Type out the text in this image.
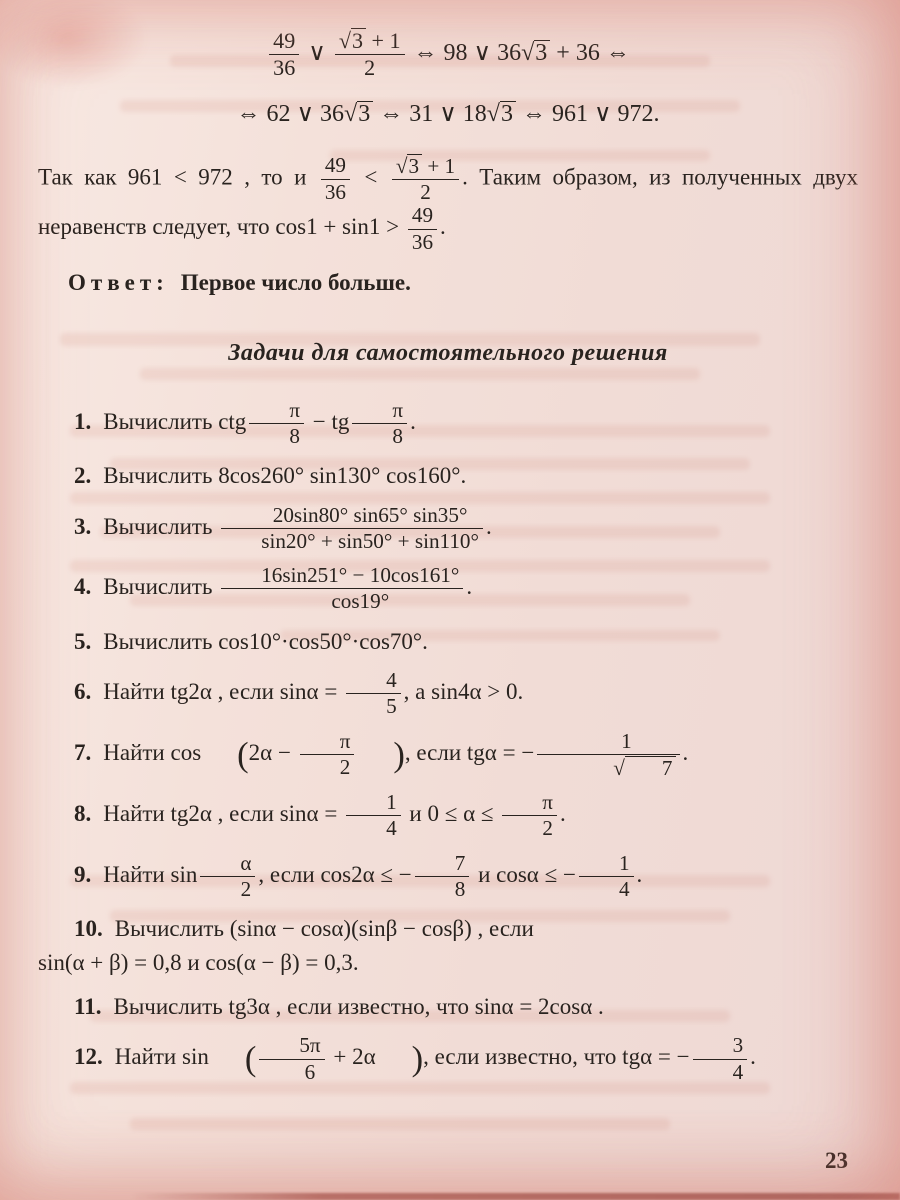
$\frac{49}{36}$ ∨ $\frac{√ 3 + 1}{2}$ ⇔ 98 ∨ 36 √ 3 + 36 ⇔
⇔ 62 ∨ 36 √ 3 ⇔ 31 ∨ 18 √ 3 ⇔ 961 ∨ 972.
Так как 961 < 972 , то и $\frac{49}{36} < \frac{√ 3 + 1}{2}$ . Таким образом, из полученных двух неравенств следует, что $\cos 1 + \sin 1 > \frac{49}{36}$ .
Ответ: Первое число больше.
Задачи для самостоятельного решения
1. Вычислить ctg $\frac{\pi}{8}$ − tg $\frac{\pi}{8}$ .
2. Вычислить 8cos260° sin130° cos160°.
3. Вычислить $\frac{20\sin 80^\circ \sin 65^\circ \sin 35^\circ}{\sin 20^\circ + \sin 50^\circ + \sin 110^\circ}$ .
4. Вычислить $\frac{16\sin 251^\circ - 10\cos 161^\circ}{\cos 19^\circ}$ .
5. Вычислить cos10°·cos50°·cos70°.
6. Найти tg2α , если $\sin\alpha = \frac{4}{5}$ , а sin4α > 0.
7. Найти $\cos (2\alpha - \frac{\pi}{2}$ ), если tgα = − 1
√	7 .
8. Найти tg2α , если $\sin\alpha = \frac{1}{4}$ и $0 \le \alpha \le \frac{\pi}{2}$ .
9. Найти $\sin \frac{\alpha}{2}$ , если cos2α ≤ − $\frac{7}{8}$ и cosα ≤ − $\frac{1}{4}$ .
10. Вычислить (sinα − cosα)(sinβ − cosβ) , если
sin(α + β) = 0,8 и cos(α − β) = 0,3.
11. Вычислить tg3α , если известно, что sinα = 2cosα .
12. Найти sin ( $\frac{5\pi}{6} + 2\alpha$ ), если известно, что tgα = − $\frac{3}{4}$ .
23
